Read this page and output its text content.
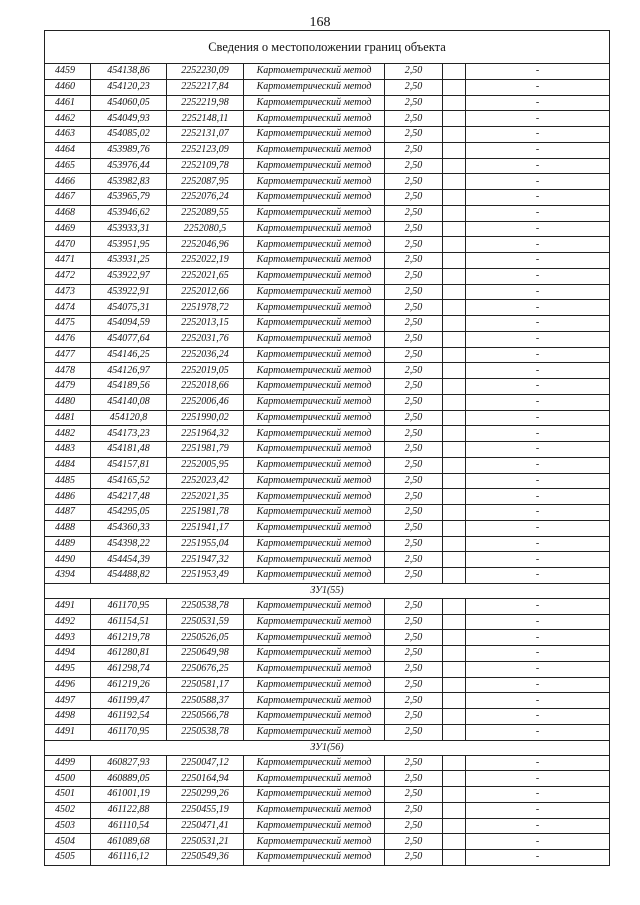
168
Сведения о местоположении границ объекта						
4459	454138,86	2252230,09	Картометрический метод	2,50		-
4460	454120,23	2252217,84	Картометрический метод	2,50		-
4461	454060,05	2252219,98	Картометрический метод	2,50		-
4462	454049,93	2252148,11	Картометрический метод	2,50		-
4463	454085,02	2252131,07	Картометрический метод	2,50		-
4464	453989,76	2252123,09	Картометрический метод	2,50		-
4465	453976,44	2252109,78	Картометрический метод	2,50		-
4466	453982,83	2252087,95	Картометрический метод	2,50		-
4467	453965,79	2252076,24	Картометрический метод	2,50		-
4468	453946,62	2252089,55	Картометрический метод	2,50		-
4469	453933,31	2252080,5	Картометрический метод	2,50		-
4470	453951,95	2252046,96	Картометрический метод	2,50		-
4471	453931,25	2252022,19	Картометрический метод	2,50		-
4472	453922,97	2252021,65	Картометрический метод	2,50		-
4473	453922,91	2252012,66	Картометрический метод	2,50		-
4474	454075,31	2251978,72	Картометрический метод	2,50		-
4475	454094,59	2252013,15	Картометрический метод	2,50		-
4476	454077,64	2252031,76	Картометрический метод	2,50		-
4477	454146,25	2252036,24	Картометрический метод	2,50		-
4478	454126,97	2252019,05	Картометрический метод	2,50		-
4479	454189,56	2252018,66	Картометрический метод	2,50		-
4480	454140,08	2252006,46	Картометрический метод	2,50		-
4481	454120,8	2251990,02	Картометрический метод	2,50		-
4482	454173,23	2251964,32	Картометрический метод	2,50		-
4483	454181,48	2251981,79	Картометрический метод	2,50		-
4484	454157,81	2252005,95	Картометрический метод	2,50		-
4485	454165,52	2252023,42	Картометрический метод	2,50		-
4486	454217,48	2252021,35	Картометрический метод	2,50		-
4487	454295,05	2251981,78	Картометрический метод	2,50		-
4488	454360,33	2251941,17	Картометрический метод	2,50		-
4489	454398,22	2251955,04	Картометрический метод	2,50		-
4490	454454,39	2251947,32	Картометрический метод	2,50		-
4394	454488,82	2251953,49	Картометрический метод	2,50		-
ЗУ1(55)						
4491	461170,95	2250538,78	Картометрический метод	2,50		-
4492	461154,51	2250531,59	Картометрический метод	2,50		-
4493	461219,78	2250526,05	Картометрический метод	2,50		-
4494	461280,81	2250649,98	Картометрический метод	2,50		-
4495	461298,74	2250676,25	Картометрический метод	2,50		-
4496	461219,26	2250581,17	Картометрический метод	2,50		-
4497	461199,47	2250588,37	Картометрический метод	2,50		-
4498	461192,54	2250566,78	Картометрический метод	2,50		-
4491	461170,95	2250538,78	Картометрический метод	2,50		-
ЗУ1(56)						
4499	460827,93	2250047,12	Картометрический метод	2,50		-
4500	460889,05	2250164,94	Картометрический метод	2,50		-
4501	461001,19	2250299,26	Картометрический метод	2,50		-
4502	461122,88	2250455,19	Картометрический метод	2,50		-
4503	461110,54	2250471,41	Картометрический метод	2,50		-
4504	461089,68	2250531,21	Картометрический метод	2,50		-
4505	461116,12	2250549,36	Картометрический метод	2,50		-
